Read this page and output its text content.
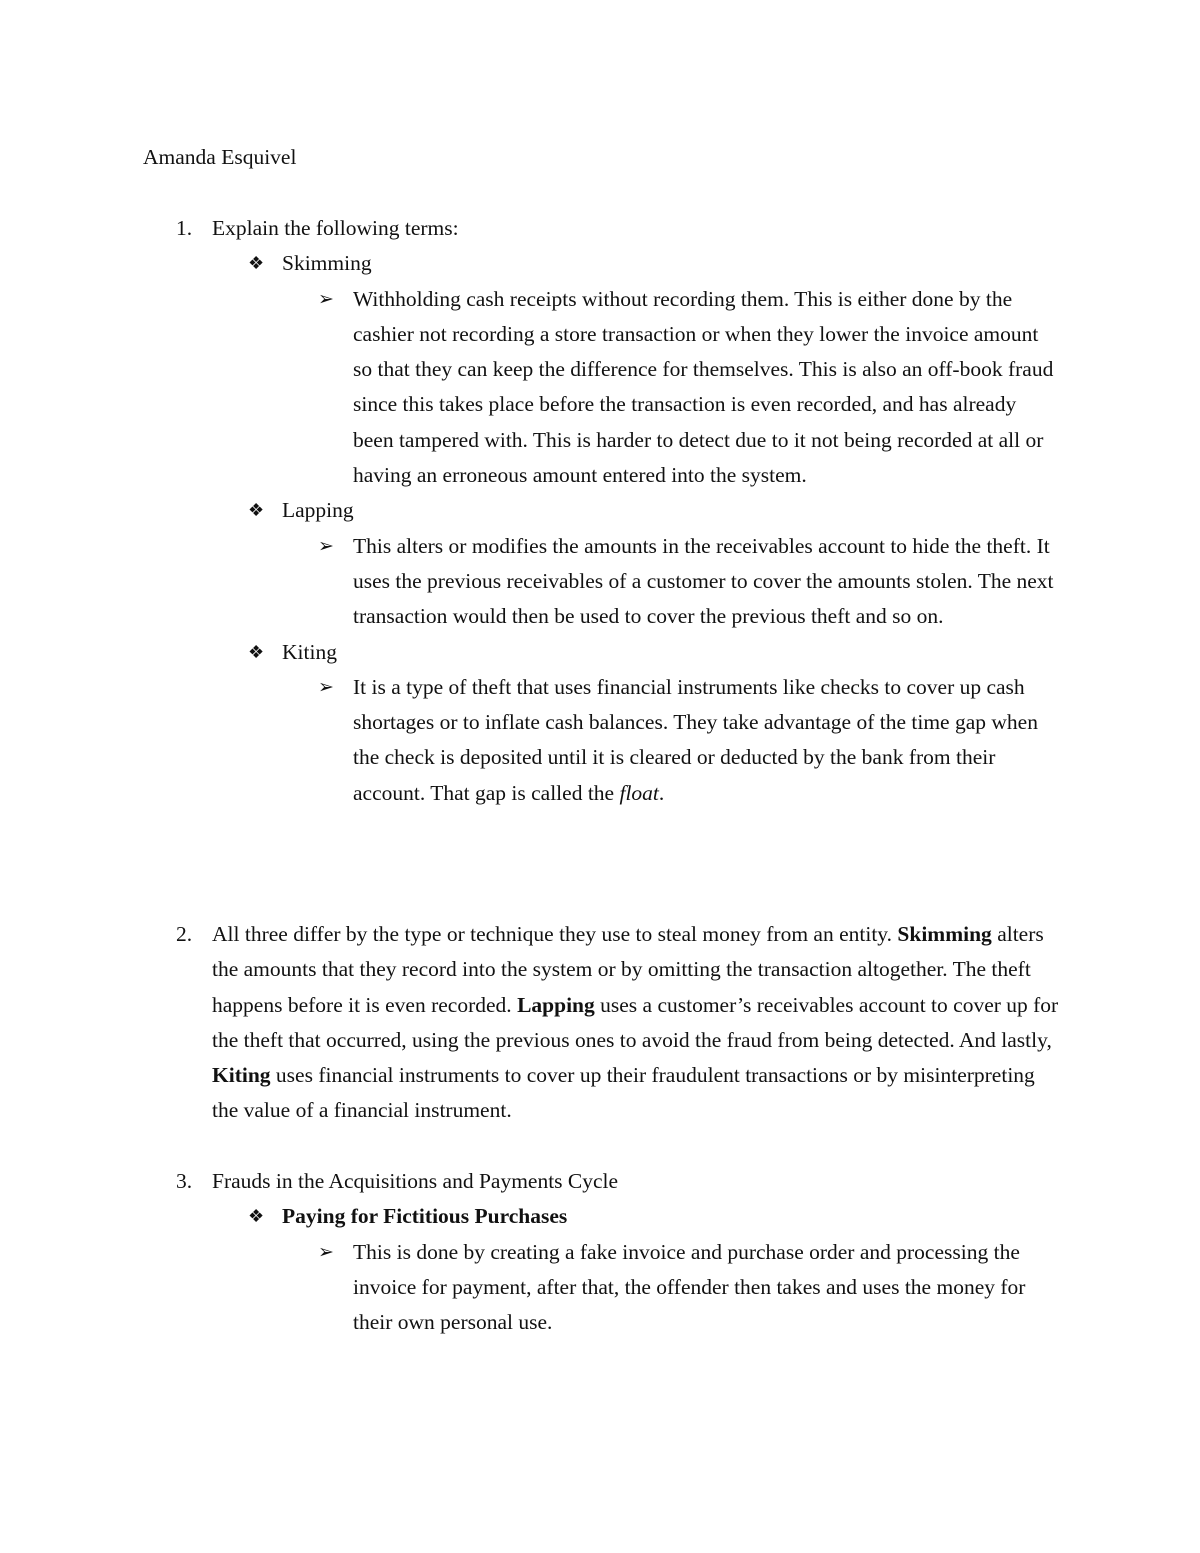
Amanda Esquivel
1. Explain the following terms:
❖ Skimming
➢ Withholding cash receipts without recording them. This is either done by the cashier not recording a store transaction or when they lower the invoice amount so that they can keep the difference for themselves. This is also an off-book fraud since this takes place before the transaction is even recorded, and has already been tampered with. This is harder to detect due to it not being recorded at all or having an erroneous amount entered into the system.
❖ Lapping
➢ This alters or modifies the amounts in the receivables account to hide the theft. It uses the previous receivables of a customer to cover the amounts stolen. The next transaction would then be used to cover the previous theft and so on.
❖ Kiting
➢ It is a type of theft that uses financial instruments like checks to cover up cash shortages or to inflate cash balances. They take advantage of the time gap when the check is deposited until it is cleared or deducted by the bank from their account. That gap is called the float.
2. All three differ by the type or technique they use to steal money from an entity. Skimming alters the amounts that they record into the system or by omitting the transaction altogether. The theft happens before it is even recorded. Lapping uses a customer’s receivables account to cover up for the theft that occurred, using the previous ones to avoid the fraud from being detected. And lastly, Kiting uses financial instruments to cover up their fraudulent transactions or by misinterpreting the value of a financial instrument.
3. Frauds in the Acquisitions and Payments Cycle
❖ Paying for Fictitious Purchases
➢ This is done by creating a fake invoice and purchase order and processing the invoice for payment, after that, the offender then takes and uses the money for their own personal use.
